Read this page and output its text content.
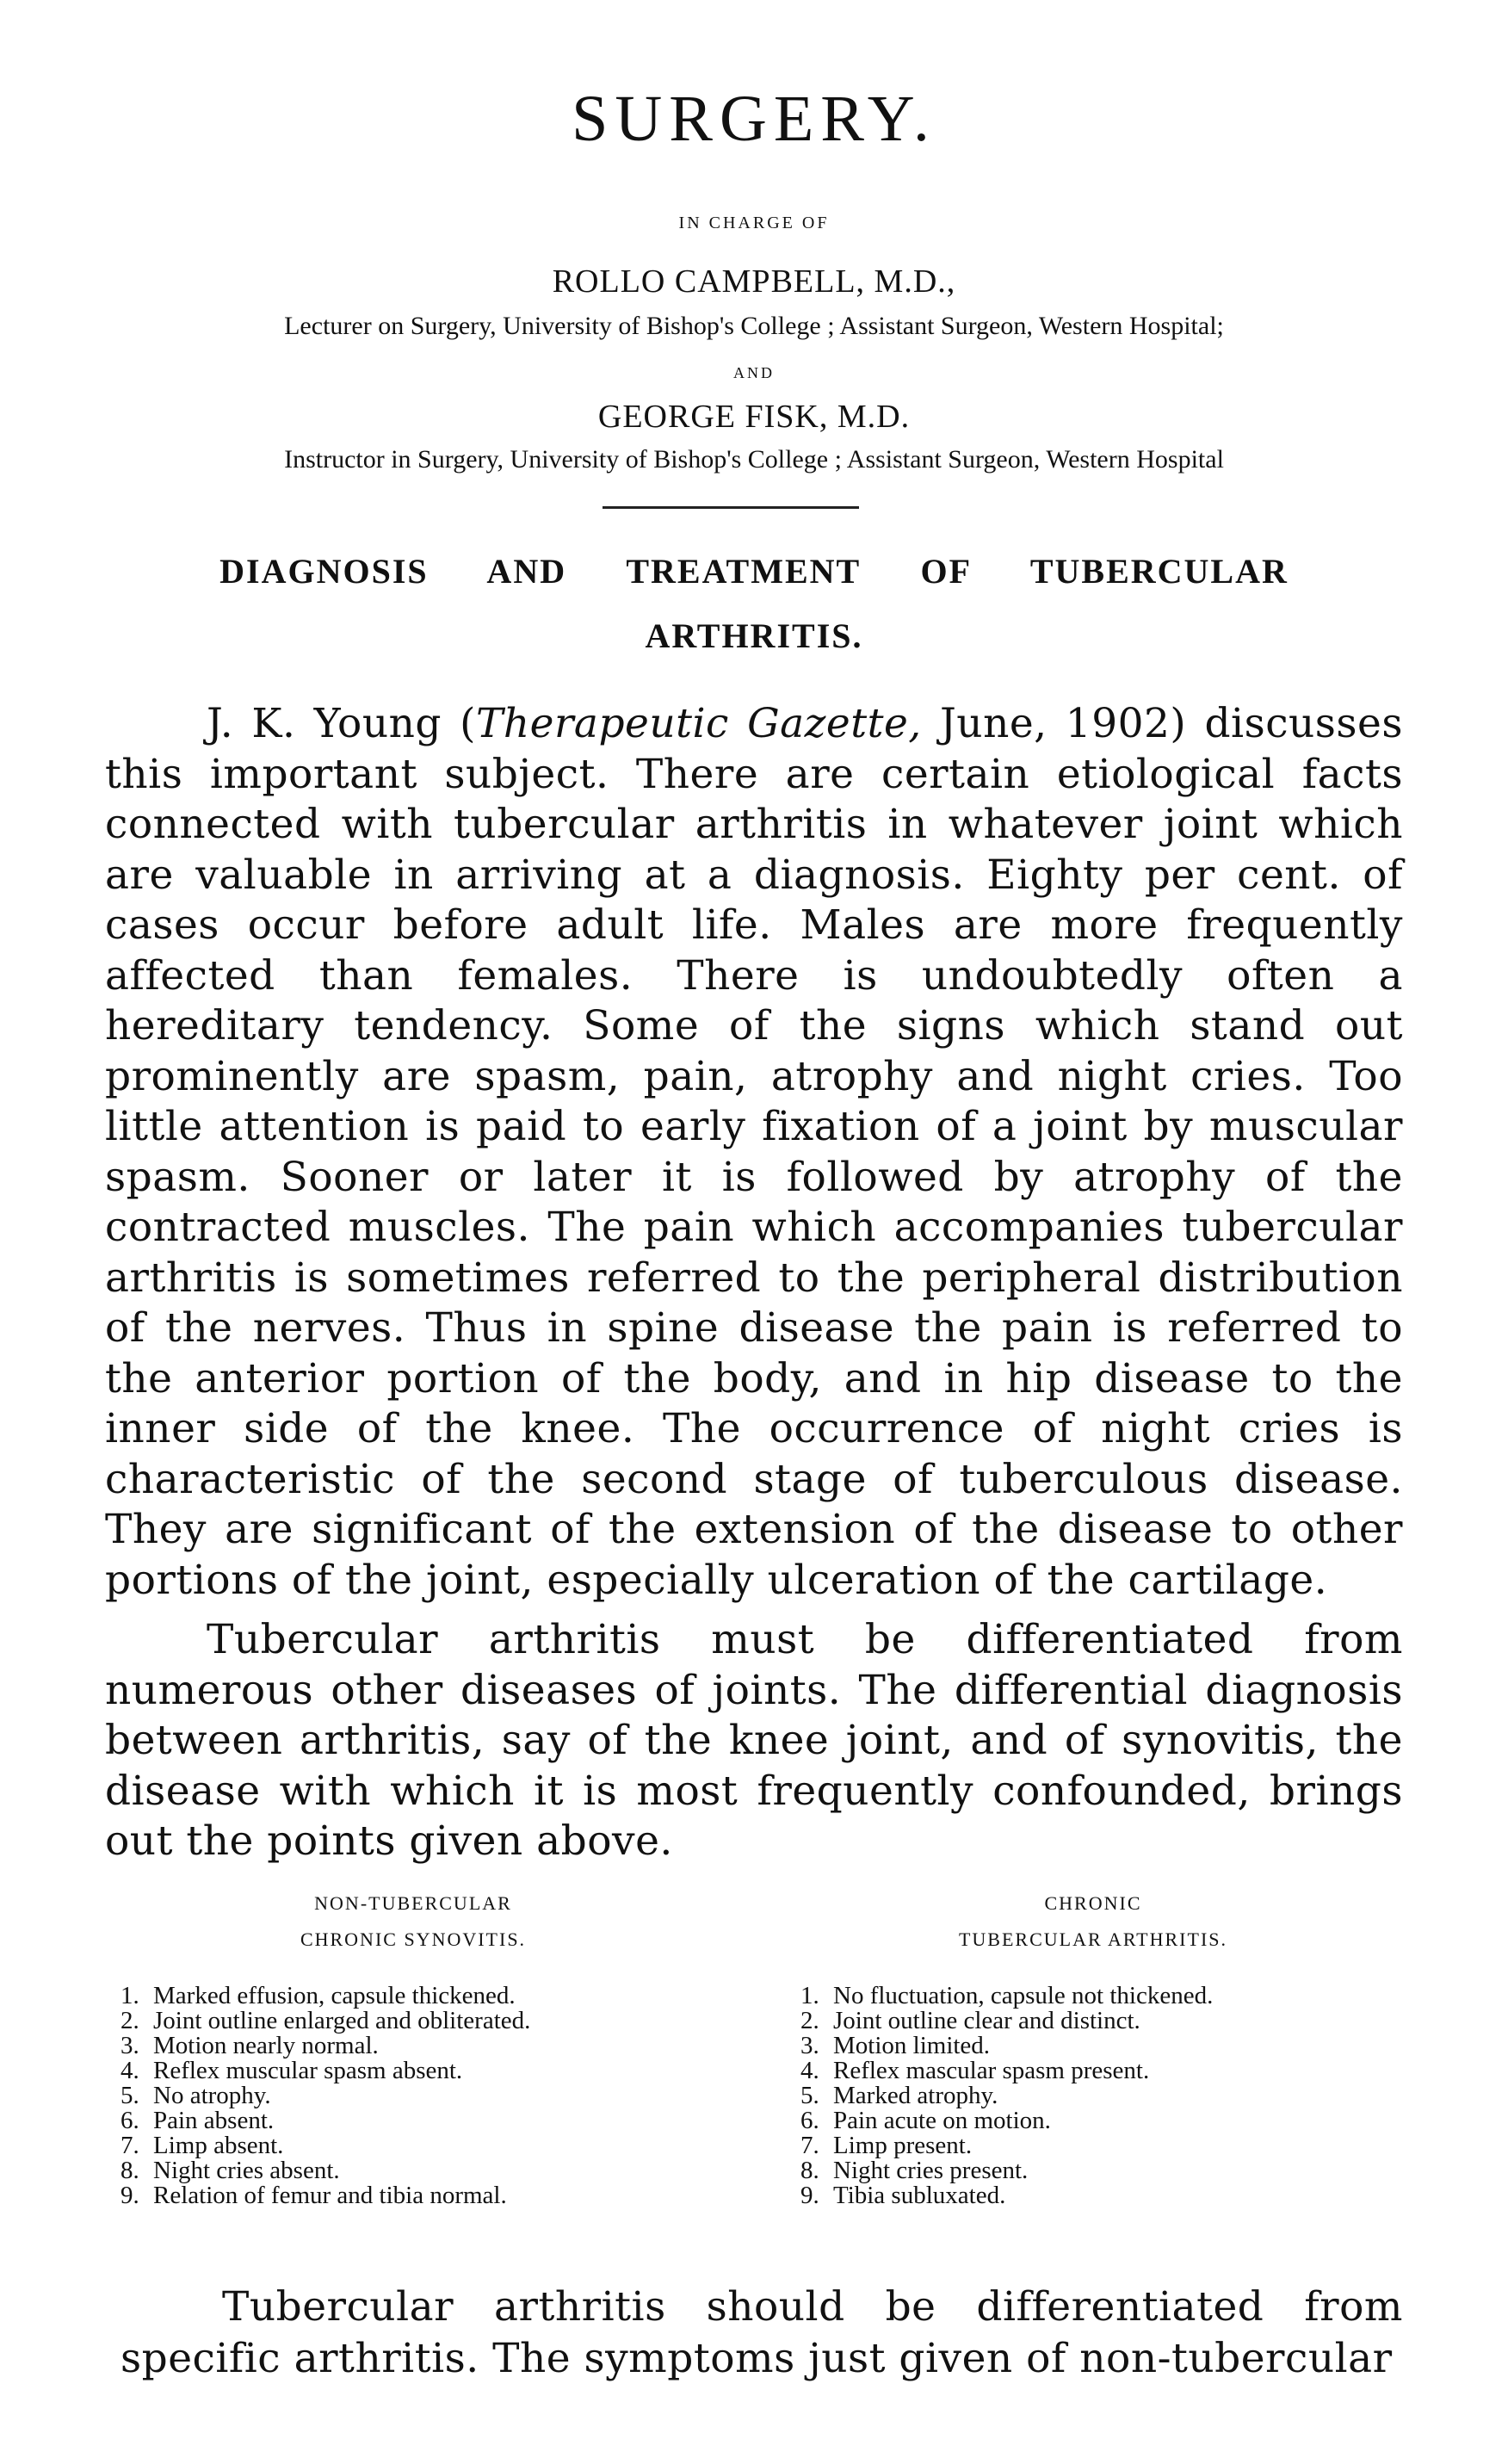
SURGERY.
IN CHARGE OF
ROLLO CAMPBELL, M.D.,
Lecturer on Surgery, University of Bishop's College ; Assistant Surgeon, Western Hospital;
AND
GEORGE FISK, M.D.
Instructor in Surgery, University of Bishop's College ; Assistant Surgeon, Western Hospital
DIAGNOSIS AND TREATMENT OF TUBERCULAR
ARTHRITIS.

J. K. Young (Therapeutic Gazette, June, 1902) discusses this important subject. There are certain etiological facts connected with tubercular arthritis in whatever joint which are valuable in arriving at a diagnosis. Eighty per cent. of cases occur before adult life. Males are more frequently affected than females. There is undoubtedly often a hereditary tendency. Some of the signs which stand out prominently are spasm, pain, atrophy and night cries. Too little attention is paid to early fixation of a joint by muscular spasm. Sooner or later it is followed by atrophy of the contracted muscles. The pain which accompanies tubercular arthritis is sometimes referred to the peripheral distribution of the nerves. Thus in spine disease the pain is referred to the anterior portion of the body, and in hip disease to the inner side of the knee. The occurrence of night cries is characteristic of the second stage of tuberculous disease. They are significant of the extension of the disease to other portions of the joint, especially ulceration of the cartilage.

Tubercular arthritis must be differentiated from numerous other diseases of joints. The differential diagnosis between arthritis, say of the knee joint, and of synovitis, the disease with which it is most frequently confounded, brings out the points given above.

NON-TUBERCULAR
CHRONIC SYNOVITIS.
1. Marked effusion, capsule thickened.
2. Joint outline enlarged and obliterated.
3. Motion nearly normal.
4. Reflex muscular spasm absent.
5. No atrophy.
6. Pain absent.
7. Limp absent.
8. Night cries absent.
9. Relation of femur and tibia normal.
CHRONIC
TUBERCULAR ARTHRITIS.
1. No fluctuation, capsule not thickened.
2. Joint outline clear and distinct.
3. Motion limited.
4. Reflex mascular spasm present.
5. Marked atrophy.
6. Pain acute on motion.
7. Limp present.
8. Night cries present.
9. Tibia subluxated.

Tubercular arthritis should be differentiated from specific arthritis. The symptoms just given of non-tubercular
